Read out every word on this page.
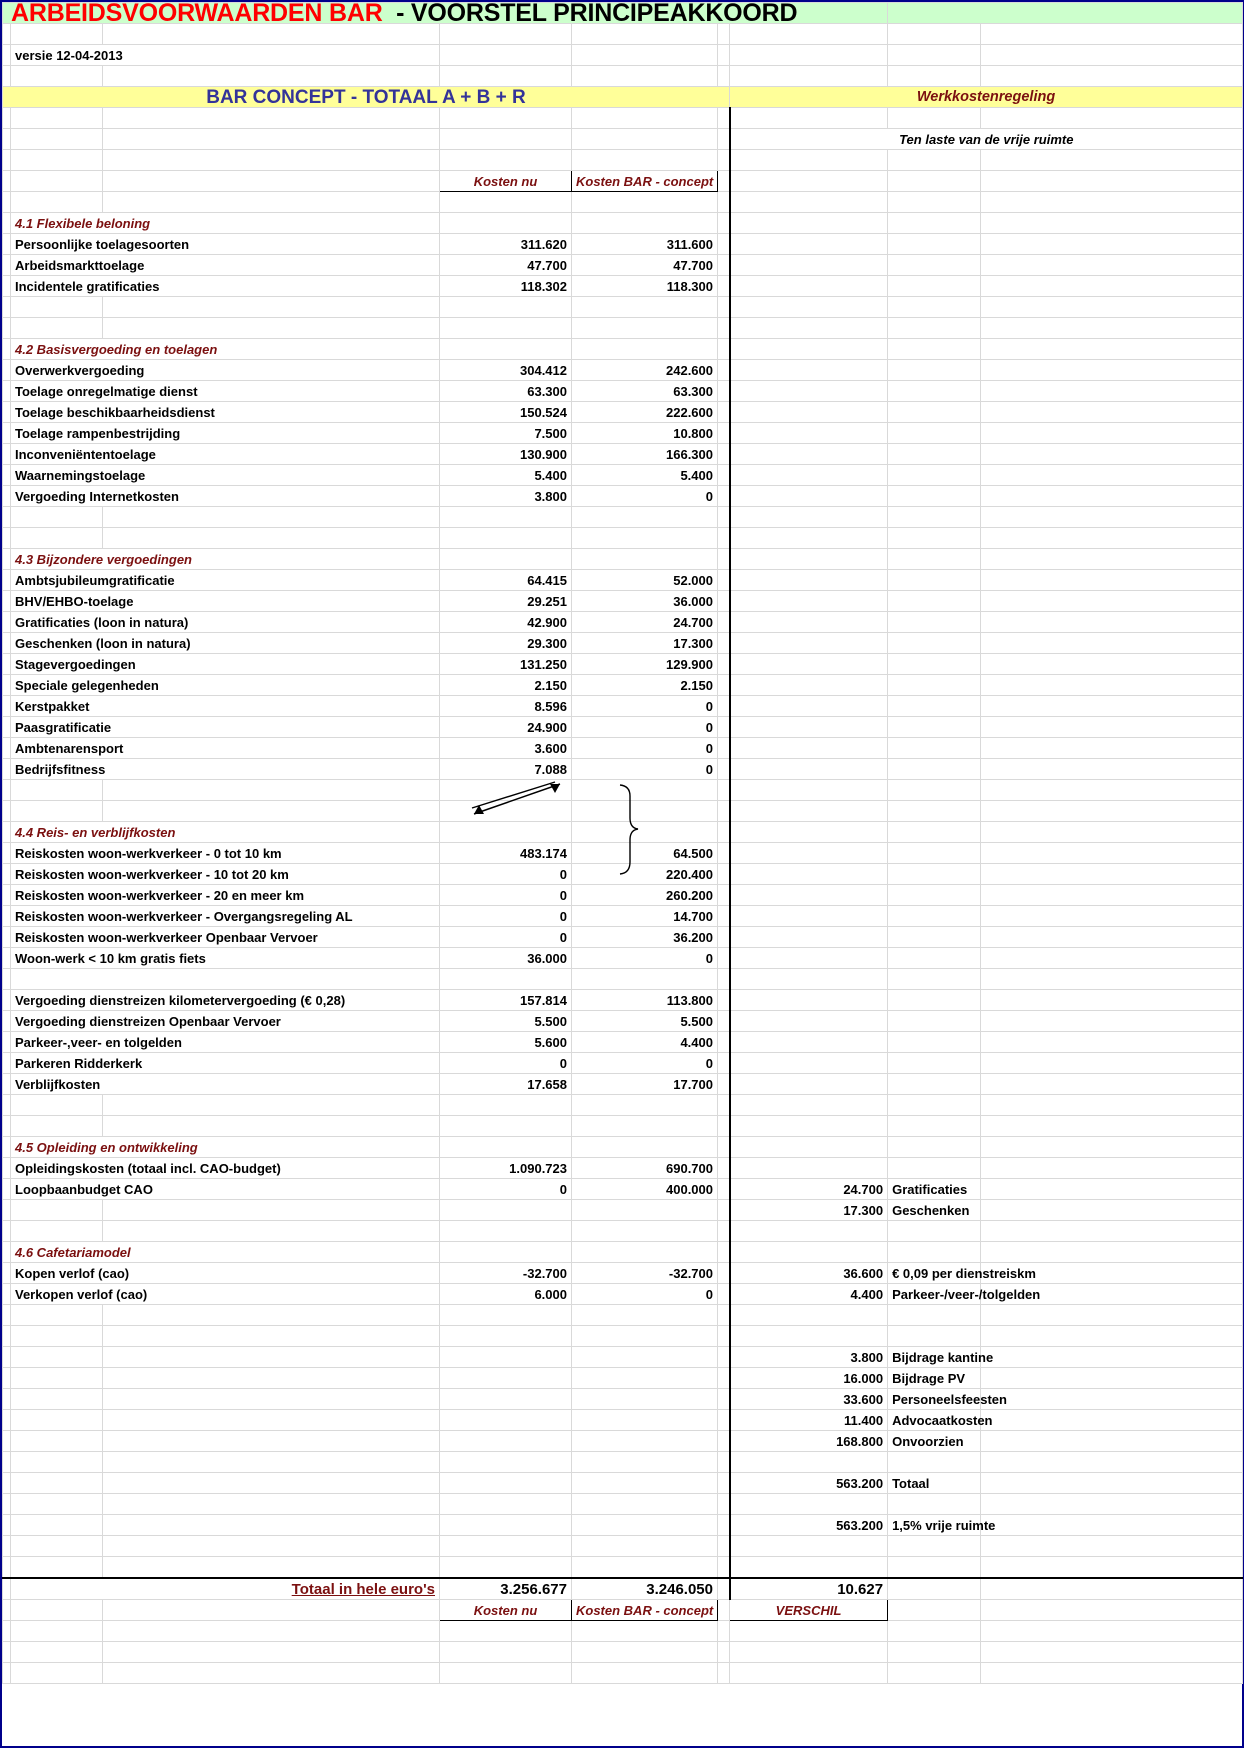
ARBEIDSVOORWAARDEN BAR - VOORSTEL PRINCIPEAKKOORD								

	versie 12-04-2013							

BAR CONCEPT - TOTAAL A + B + R						Werkkostenregeling		

						Ten laste van de vrije ruimte		

			Kosten nu	Kosten BAR - concept				

	4.1 Flexibele beloning							
	Persoonlijke toelagesoorten		311.620	311.600				
	Arbeidsmarkttoelage		47.700	47.700				
	Incidentele gratificaties		118.302	118.300				

	4.2 Basisvergoeding en toelagen							
	Overwerkvergoeding		304.412	242.600				
	Toelage onregelmatige dienst		63.300	63.300				
	Toelage beschikbaarheidsdienst		150.524	222.600				
	Toelage rampenbestrijding		7.500	10.800				
	Inconveniëntentoelage		130.900	166.300				
	Waarnemingstoelage		5.400	5.400				
	Vergoeding Internetkosten		3.800	0				

	4.3 Bijzondere vergoedingen							
	Ambtsjubileumgratificatie		64.415	52.000				
	BHV/EHBO-toelage		29.251	36.000				
	Gratificaties (loon in natura)		42.900	24.700				
	Geschenken (loon in natura)		29.300	17.300				
	Stagevergoedingen		131.250	129.900				
	Speciale gelegenheden		2.150	2.150				
	Kerstpakket		8.596	0				
	Paasgratificatie		24.900	0				
	Ambtenarensport		3.600	0				
	Bedrijfsfitness		7.088	0				

	4.4 Reis- en verblijfkosten							
	Reiskosten woon-werkverkeer - 0 tot 10 km		483.174	64.500				
	Reiskosten woon-werkverkeer - 10 tot 20 km		0	220.400				
	Reiskosten woon-werkverkeer - 20 en meer km		0	260.200				
	Reiskosten woon-werkverkeer - Overgangsregeling AL		0	14.700				
	Reiskosten woon-werkverkeer Openbaar Vervoer		0	36.200				
	Woon-werk < 10 km gratis fiets		36.000	0				

	Vergoeding dienstreizen kilometervergoeding (€ 0,28)		157.814	113.800				
	Vergoeding dienstreizen Openbaar Vervoer		5.500	5.500				
	Parkeer-,veer- en tolgelden		5.600	4.400				
	Parkeren Ridderkerk		0	0				
	Verblijfkosten		17.658	17.700				

	4.5 Opleiding en ontwikkeling							
	Opleidingskosten (totaal incl. CAO-budget)		1.090.723	690.700				
	Loopbaanbudget CAO		0	400.000		24.700	Gratificaties	
						17.300	Geschenken	

	4.6 Cafetariamodel							
	Kopen verlof (cao)		-32.700	-32.700		36.600	€ 0,09 per dienstreiskm	
	Verkopen verlof (cao)		6.000	0		4.400	Parkeer-/veer-/tolgelden	

						3.800	Bijdrage kantine	
						16.000	Bijdrage PV	
						33.600	Personeelsfeesten	
						11.400	Advocaatkosten	
						168.800	Onvoorzien	

						563.200	Totaal	

						563.200	1,5% vrije ruimte	

	Totaal in hele euro's		3.256.677	3.246.050		10.627		
			Kosten nu	Kosten BAR - concept		VERSCHIL		
